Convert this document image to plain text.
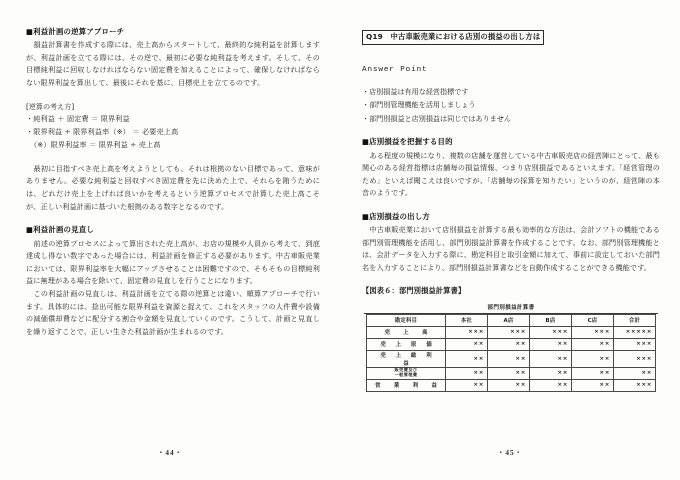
■利益計画の逆算アプローチ
損益計算書を作成する際には、売上高からスタートして、最終的な純利益を計算しますが、利益計画を立てる際には、その逆で、最初に必要な純利益を考えます。そして、その目標純利益に回収しなければならない固定費を加えることによって、確保しなければならない限界利益を算出して、最後にそれを基に、目標売上を立てるのです。
[逆算の考え方]
・純利益 ＋ 固定費 ＝ 限界利益
・限界利益 ÷ 限界利益率（※） ＝ 必要売上高
（※）限界利益率 ＝ 限界利益 ÷ 売上高
最初に目指すべき売上高を考えようとしても、それは根拠のない目標であって、意味がありません。必要な純利益と回収すべき固定費を先に決めた上で、それらを賄うためには、どれだけ売上を上げれば良いかを考えるという逆算プロセスで計算した売上高こそが、正しい利益計画に基づいた根拠のある数字となるのです。
■利益計画の見直し
前述の逆算プロセスによって算出された売上高が、お店の規模や人員から考えて、到底達成し得ない数字であった場合には、利益計画を修正する必要があります。中古車販売業においては、限界利益率を大幅にアップさせることは困難ですので、そもそもの目標純利益に無理がある場合を除いて、固定費の見直しを行うことになります。
この利益計画の見直しは、利益計画を立てる際の逆算とは違い、順算アプローチで行います。具体的には、捻出可能な限界利益を資源と捉えて、これをスタッフの人件費や設備の減価償却費などに配分する割合や金額を見直していくのです。こうして、計画と見直しを繰り返すことで、正しい生きた利益計画が生まれるのです。
・44・
Q19　中古車販売業における店別の損益の出し方は
Answer Point
・店別損益は有用な経営指標です
・部門別管理機能を活用しましょう
・部門別損益と店別損益は同じではありません
■店別損益を把握する目的
ある程度の規模になり、複数の店舗を運営している中古車販売店の経営陣にとって、最も関心のある経営指標は店舗毎の損益情報、つまり店別損益であるといえます。「経営管理のため」といえば聞こえは良いですが、「店舗毎の採算を知りたい」というのが、経営陣の本音のようです。
■店別損益の出し方
中古車販売業において店別損益を計算する最も効率的な方法は、会計ソフトの機能である部門別管理機能を活用し、部門別損益計算書を作成することです。なお、部門別管理機能とは、会計データを入力する際に、勘定科目と取引金額に加えて、事前に設定しておいた部門名を入力することにより、部門別損益計算書などを自動作成することができる機能です。
【図表６：部門別損益計算書】
部門別損益計算書
勘定科目	本社	A店	B店	C店	合計

売　上　高	×××	×××	×××	×××	×××××

売 上 原 価	××	××	××	××	×××

売 上 総 利 益	××	××	××	××	×××

販売費及び
一般管理費	××	××	××	××	××

営　業　利　益	××	××	××	××	×××
・45・
